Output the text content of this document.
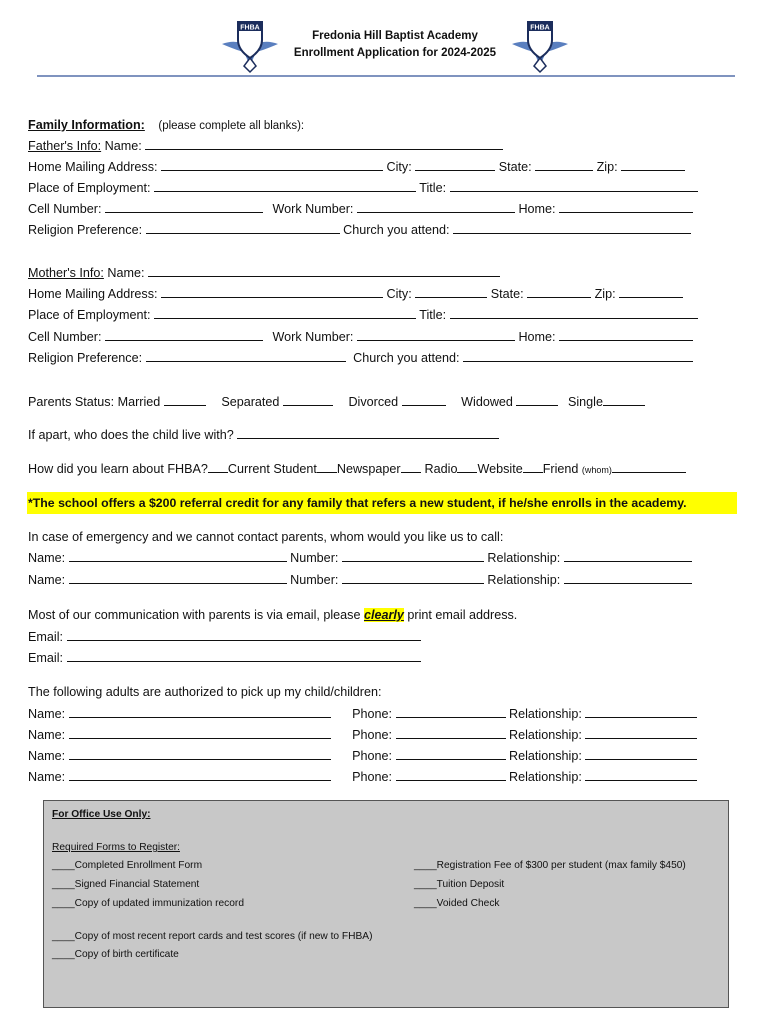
FHBA
Fredonia Hill Baptist Academy
Enrollment Application for 2024-2025
FHBA
Family Information: (please complete all blanks):
Father's Info: Name:
Home Mailing Address:	City:	State:	Zip:
Place of Employment:	Title:
Cell Number:	Work Number:	Home:
Religion Preference:	Church you attend:
Mother's Info: Name:
Home Mailing Address:	City:	State:	Zip:
Place of Employment:	Title:
Cell Number:	Work Number:	Home:
Religion Preference:	Church you attend:
Parents Status: Married	Separated	Divorced	Widowed	Single
If apart, who does the child live with?
How did you learn about FHBA? Current Student Newspaper Radio Website Friend (whom)
*The school offers a $200 referral credit for any family that refers a new student, if he/she enrolls in the academy.
In case of emergency and we cannot contact parents, whom would you like us to call:
Name:	Number:	Relationship:
Name:	Number:	Relationship:
Most of our communication with parents is via email, please clearly print email address.
Email:
Email:
The following adults are authorized to pick up my child/children:
Name:	Phone:	Relationship:
Name:	Phone:	Relationship:
Name:	Phone:	Relationship:
Name:	Phone:	Relationship:
For Office Use Only:
Required Forms to Register:
____Completed Enrollment Form
____Signed Financial Statement
____Copy of updated immunization record
____Copy of most recent report cards and test scores (if new to FHBA)
____Copy of birth certificate
____Registration Fee of $300 per student (max family $450)
____Tuition Deposit
____Voided Check
